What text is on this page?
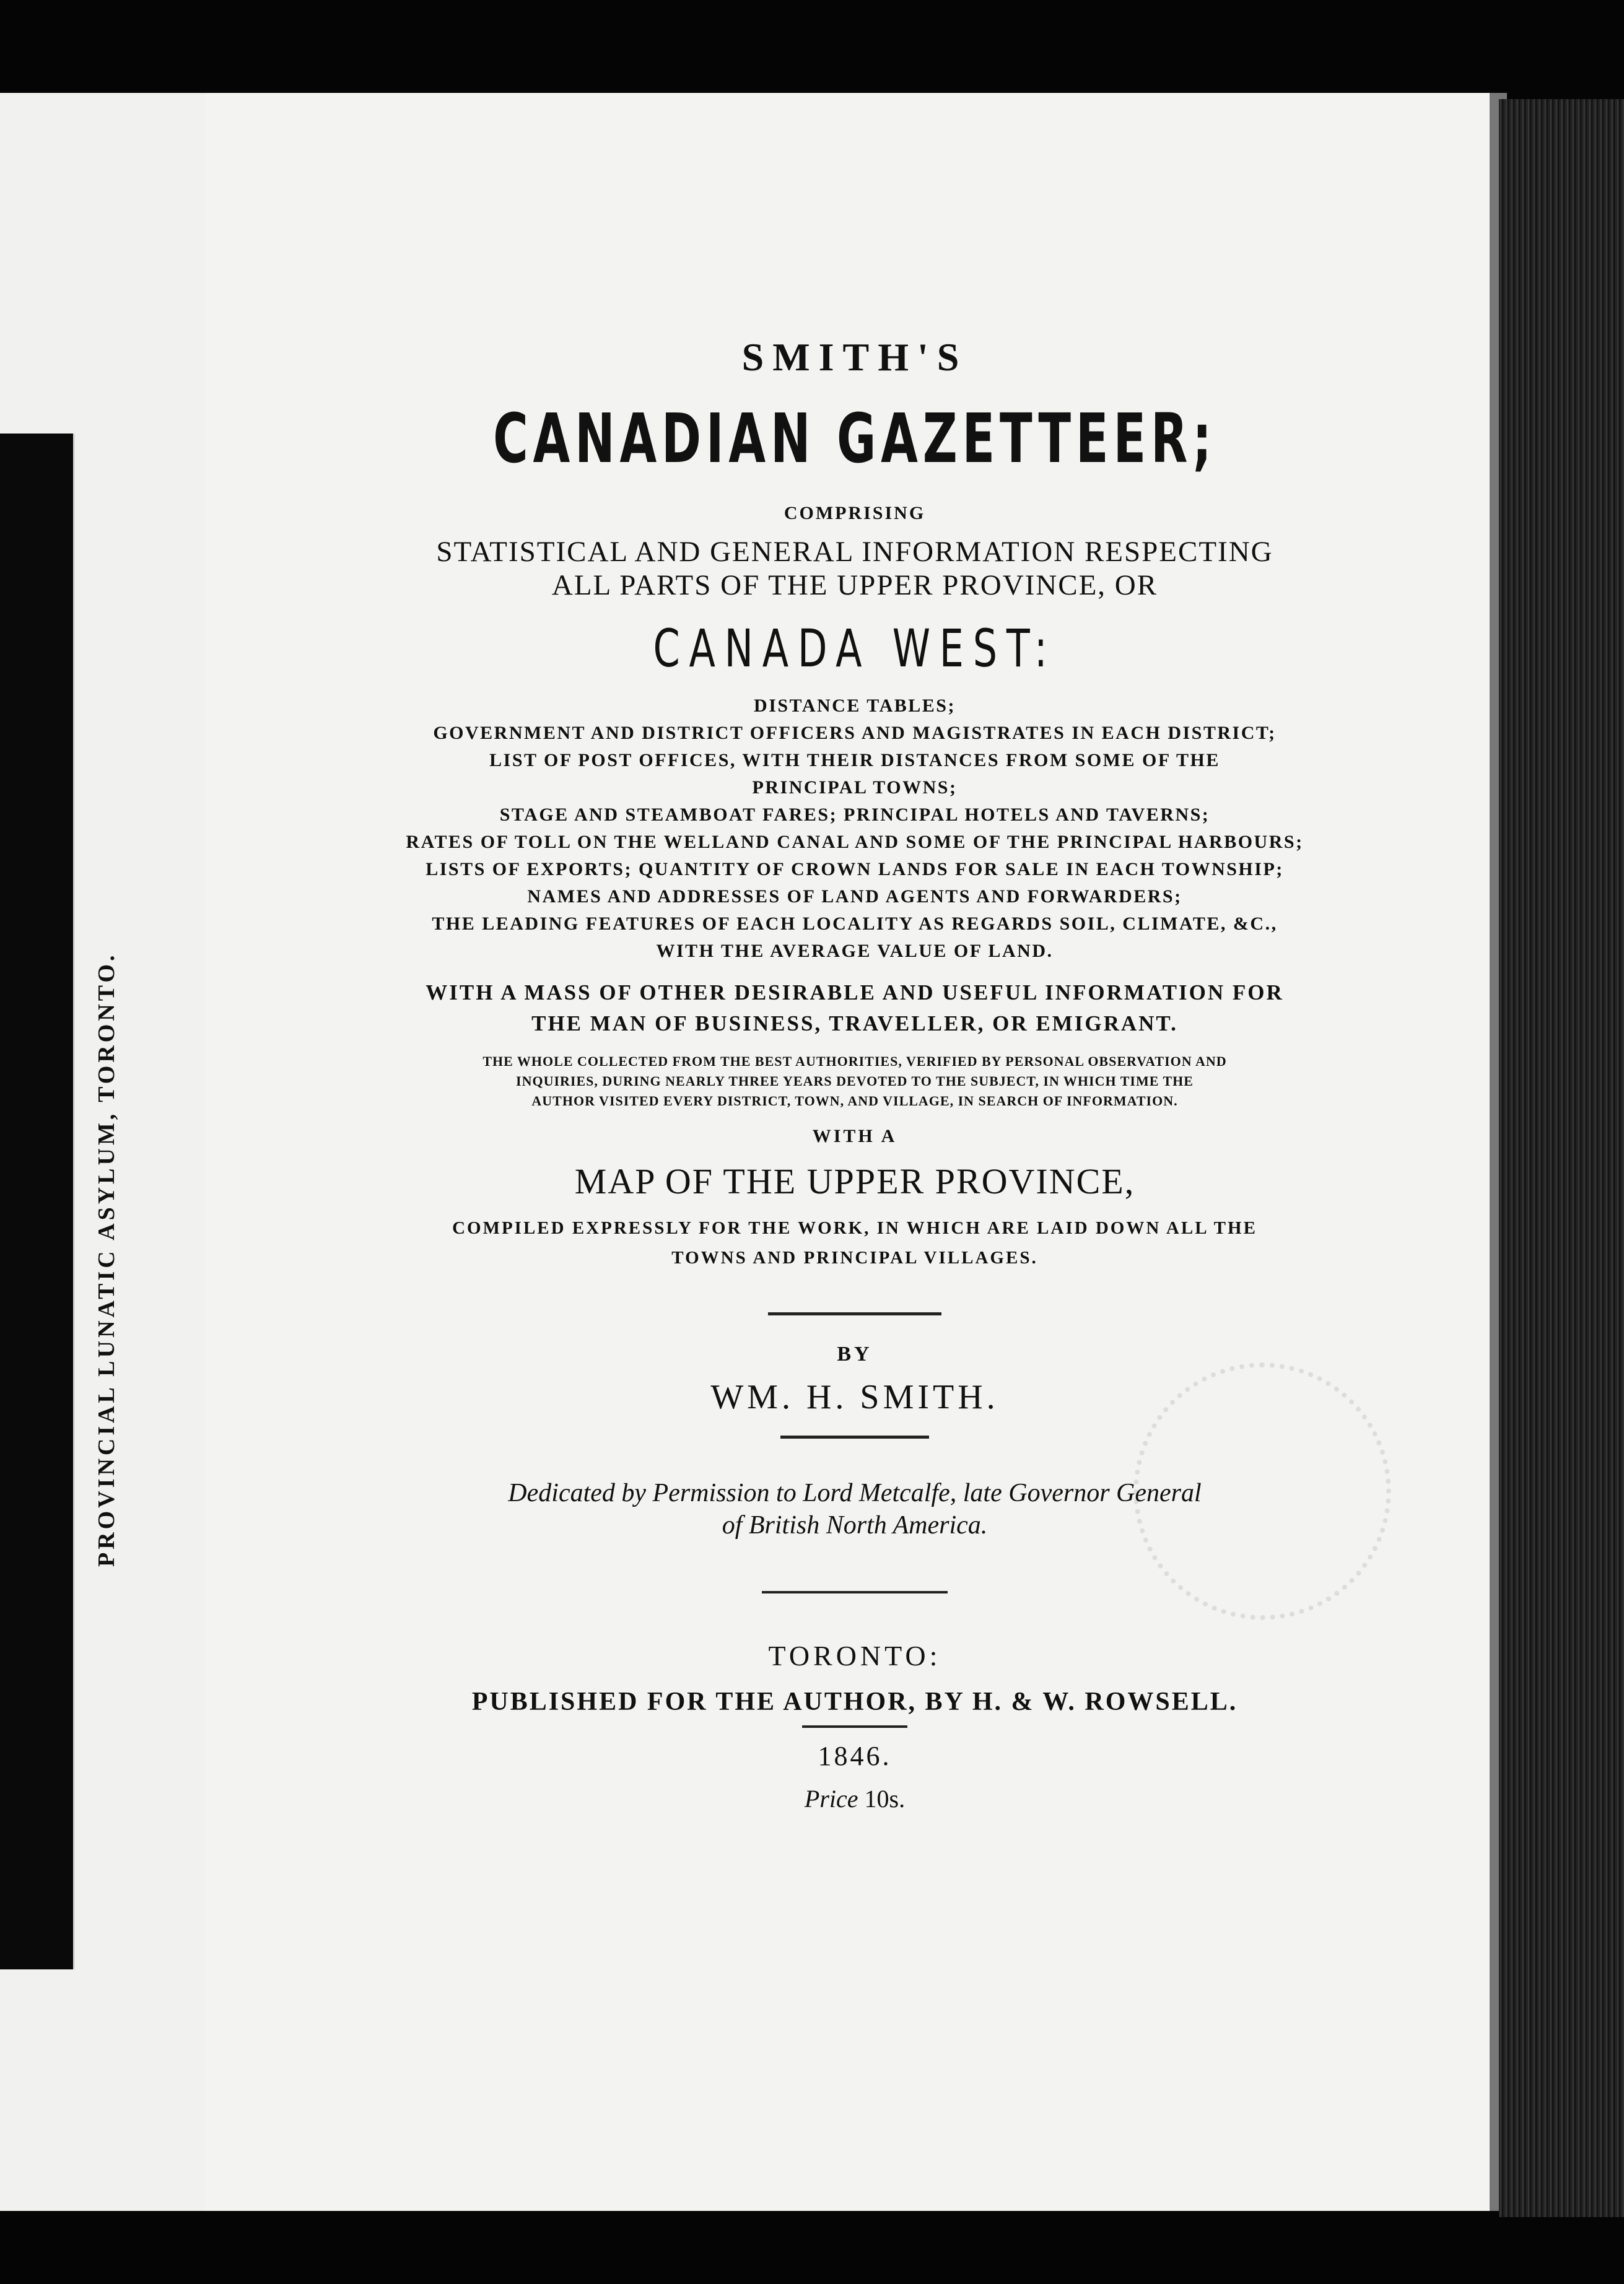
PROVINCIAL LUNATIC ASYLUM, TORONTO.
SMITH'S
CANADIAN GAZETTEER;
COMPRISING
STATISTICAL AND GENERAL INFORMATION RESPECTING
ALL PARTS OF THE UPPER PROVINCE, OR
CANADA WEST:
DISTANCE TABLES;
GOVERNMENT AND DISTRICT OFFICERS AND MAGISTRATES IN EACH DISTRICT;
LIST OF POST OFFICES, WITH THEIR DISTANCES FROM SOME OF THE
PRINCIPAL TOWNS;
STAGE AND STEAMBOAT FARES; PRINCIPAL HOTELS AND TAVERNS;
RATES OF TOLL ON THE WELLAND CANAL AND SOME OF THE PRINCIPAL HARBOURS;
LISTS OF EXPORTS; QUANTITY OF CROWN LANDS FOR SALE IN EACH TOWNSHIP;
NAMES AND ADDRESSES OF LAND AGENTS AND FORWARDERS;
THE LEADING FEATURES OF EACH LOCALITY AS REGARDS SOIL, CLIMATE, &C.,
WITH THE AVERAGE VALUE OF LAND.
WITH A MASS OF OTHER DESIRABLE AND USEFUL INFORMATION FOR
THE MAN OF BUSINESS, TRAVELLER, OR EMIGRANT.
THE WHOLE COLLECTED FROM THE BEST AUTHORITIES, VERIFIED BY PERSONAL OBSERVATION AND
INQUIRIES, DURING NEARLY THREE YEARS DEVOTED TO THE SUBJECT, IN WHICH TIME THE
AUTHOR VISITED EVERY DISTRICT, TOWN, AND VILLAGE, IN SEARCH OF INFORMATION.
WITH A
MAP OF THE UPPER PROVINCE,
COMPILED EXPRESSLY FOR THE WORK, IN WHICH ARE LAID DOWN ALL THE
TOWNS AND PRINCIPAL VILLAGES.
BY
WM. H. SMITH.
Dedicated by Permission to Lord Metcalfe, late Governor General
of British North America.
TORONTO:
PUBLISHED FOR THE AUTHOR, BY H. & W. ROWSELL.
1846.
Price 10s.
